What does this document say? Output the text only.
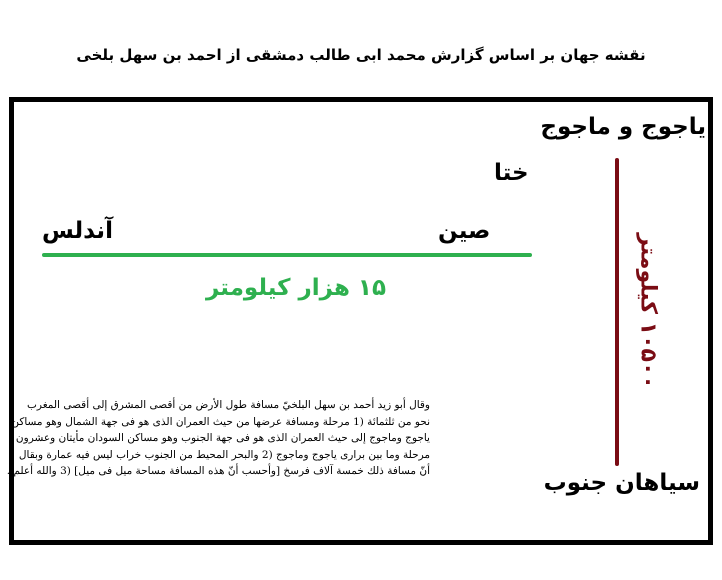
نقشه جهان بر اساس گزارش محمد ابی طالب دمشقی از احمد بن سهل بلخی
یاجوج و ماجوج
ختا
صین
آندلس
۱۵ هزار کیلومتر	۱۰۵۰۰ کیلومتر
وقال أبو زيد أحمد بن سهل البلخيّ مسافة طول الأرض من أقصى المشرق إلى أقصى المغرب
نحو من ثلثمائة (1 مرحلة ومسافة عرضها من حيث العمران الذى هو فى جهة الشمال وهو مساكن
ياجوج وماجوج إلى حيث العمران الذى هو فى جهة الجنوب وهو مساكن السودان مأيتان وعشرون
مرحلة وما بين برارى ياجوج وماجوج (2 والبحر المحيط من الجنوب خراب ليس فيه عمارة وبقال
أنّ مسافة ذلك خمسة آلاف فرسخ [وأحسب أنّ هذه المسافة مساحة ميل فى ميل] (3 والله أعلم .	سیاهان جنوب
